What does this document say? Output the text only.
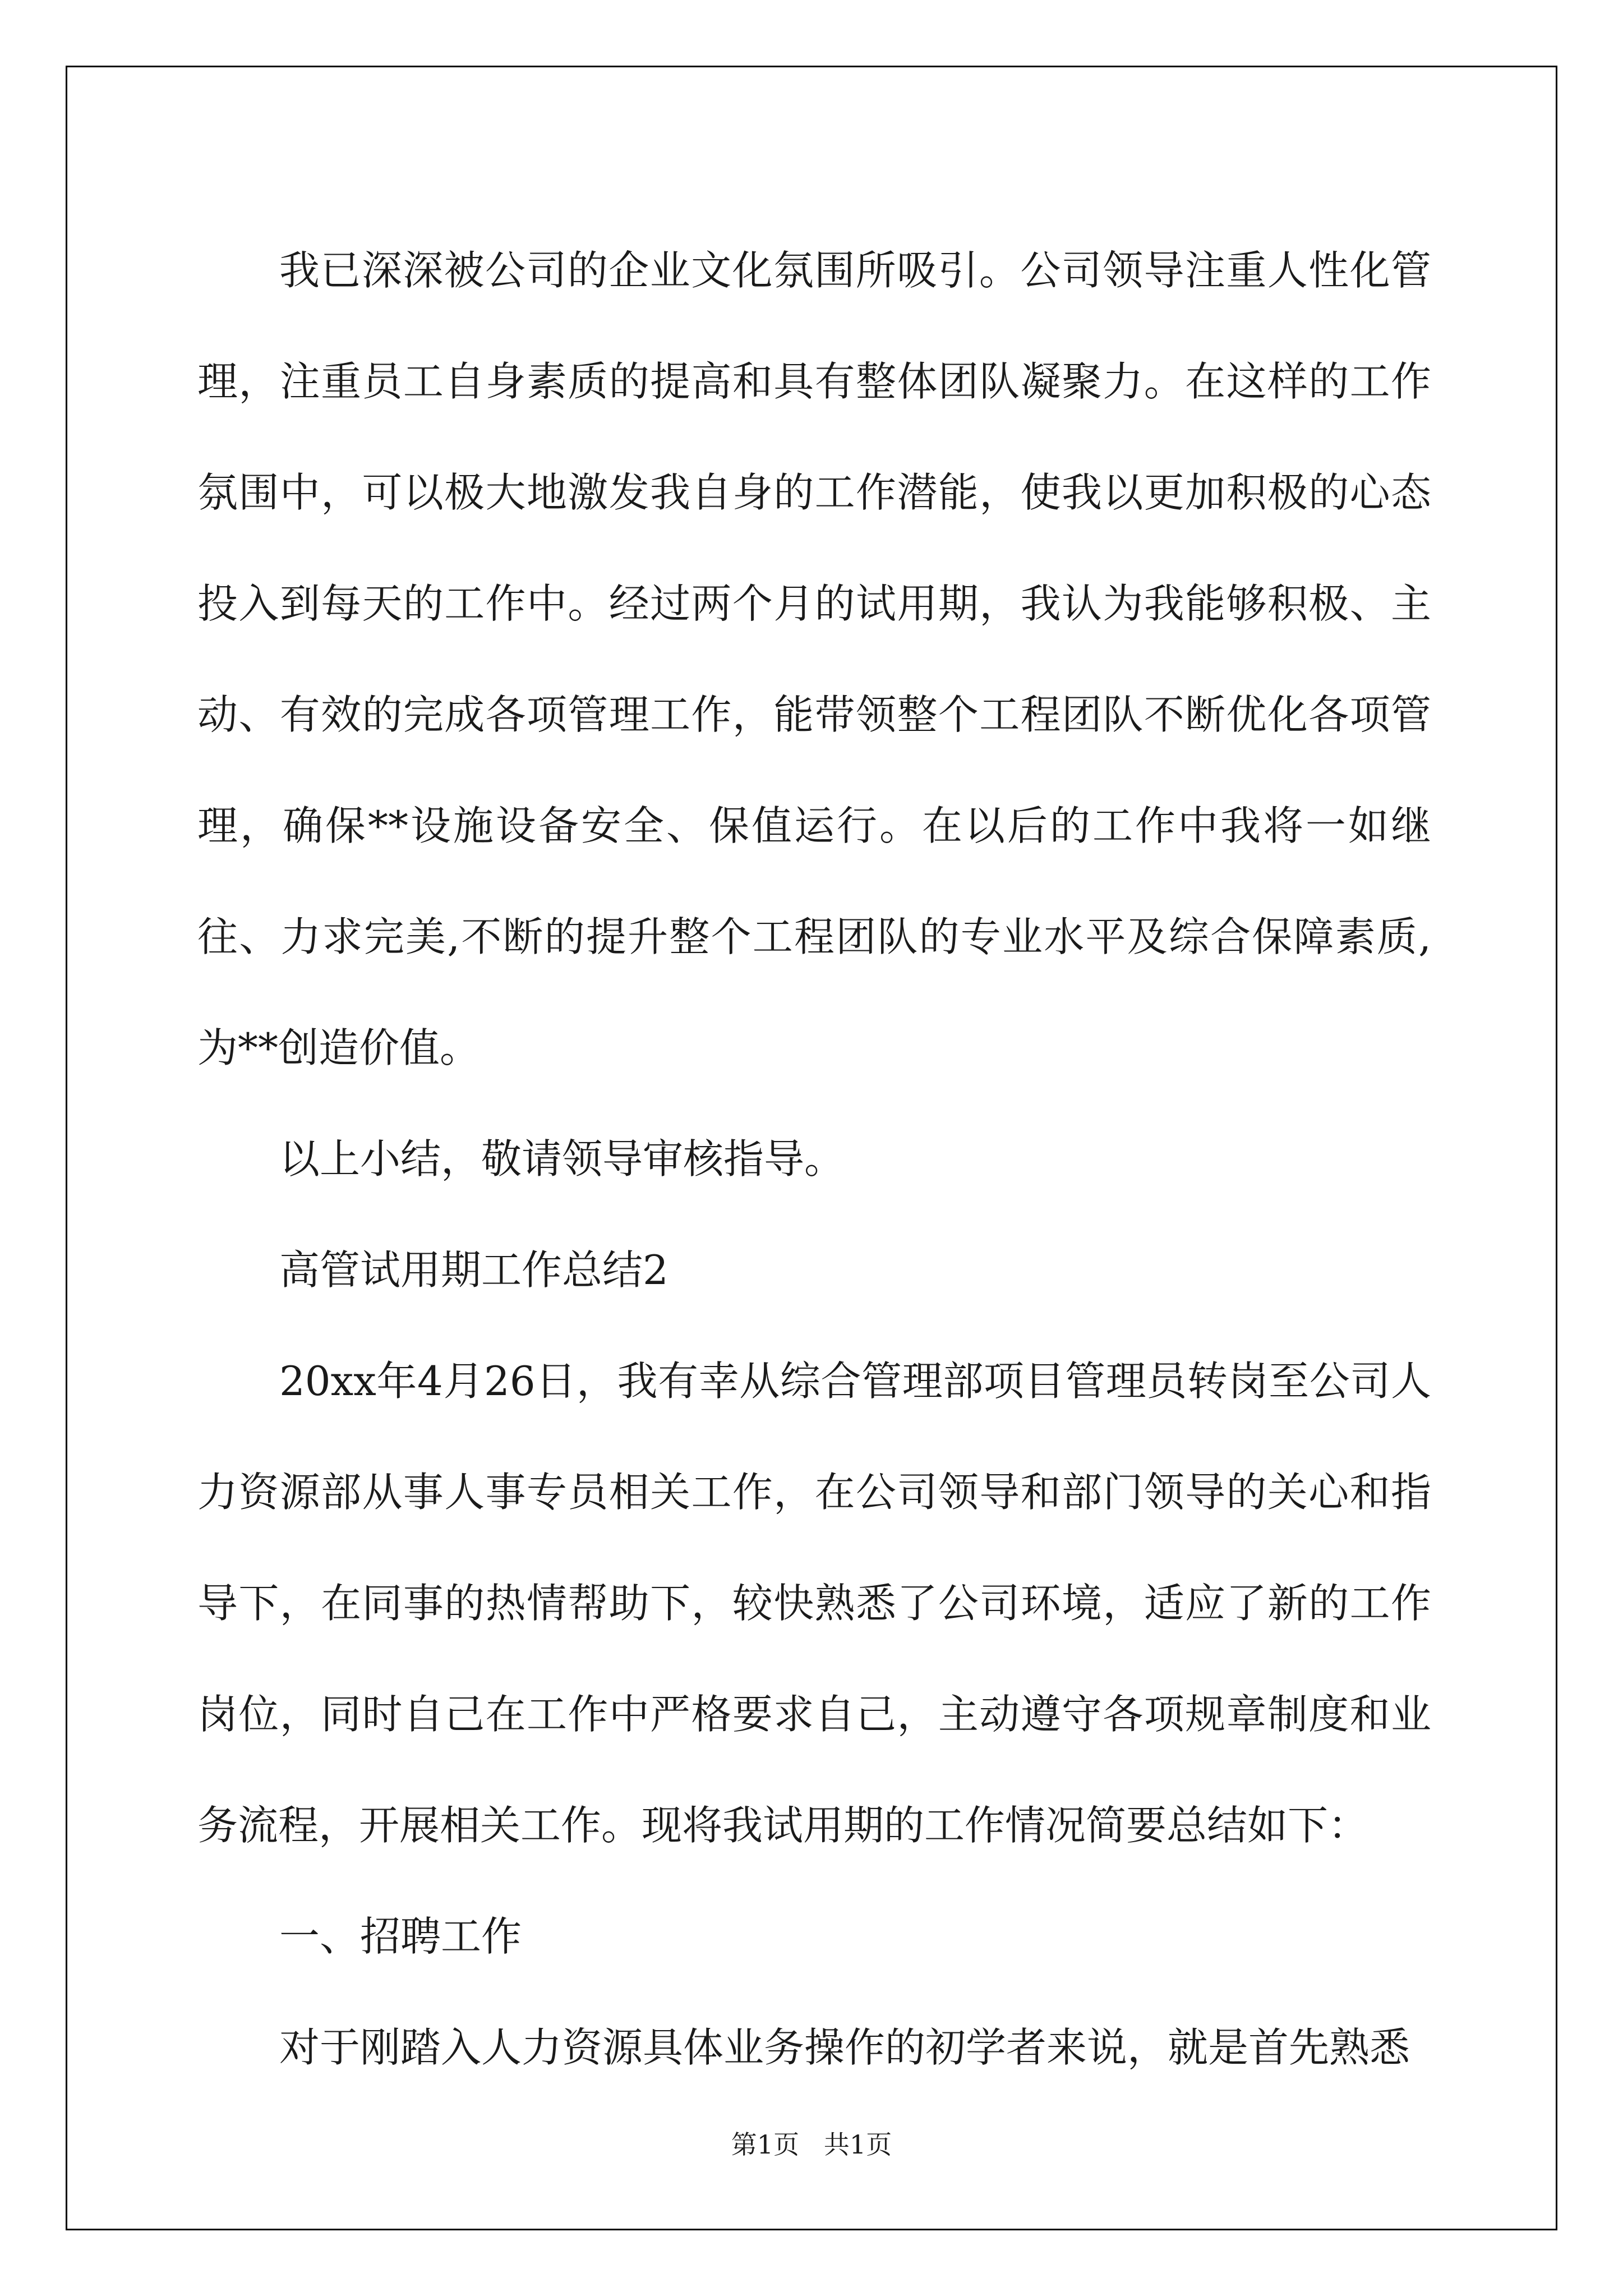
我已深深被公司的企业文化氛围所吸引。公司领导注重人性化管理，注重员工自身素质的提高和具有整体团队凝聚力。在这样的工作氛围中，可以极大地激发我自身的工作潜能，使我以更加积极的心态投入到每天的工作中。经过两个月的试用期，我认为我能够积极、主动、有效的完成各项管理工作，能带领整个工程团队不断优化各项管理，确保**设施设备安全、保值运行。在以后的工作中我将一如继往、力求完美,不断的提升整个工程团队的专业水平及综合保障素质,为**创造价值。

以上小结，敬请领导审核指导。

高管试用期工作总结2

20xx年4月26日，我有幸从综合管理部项目管理员转岗至公司人力资源部从事人事专员相关工作，在公司领导和部门领导的关心和指导下，在同事的热情帮助下，较快熟悉了公司环境，适应了新的工作岗位，同时自己在工作中严格要求自己，主动遵守各项规章制度和业务流程，开展相关工作。现将我试用期的工作情况简要总结如下：

一、招聘工作

对于刚踏入人力资源具体业务操作的初学者来说，就是首先熟悉

第1页   共1页
